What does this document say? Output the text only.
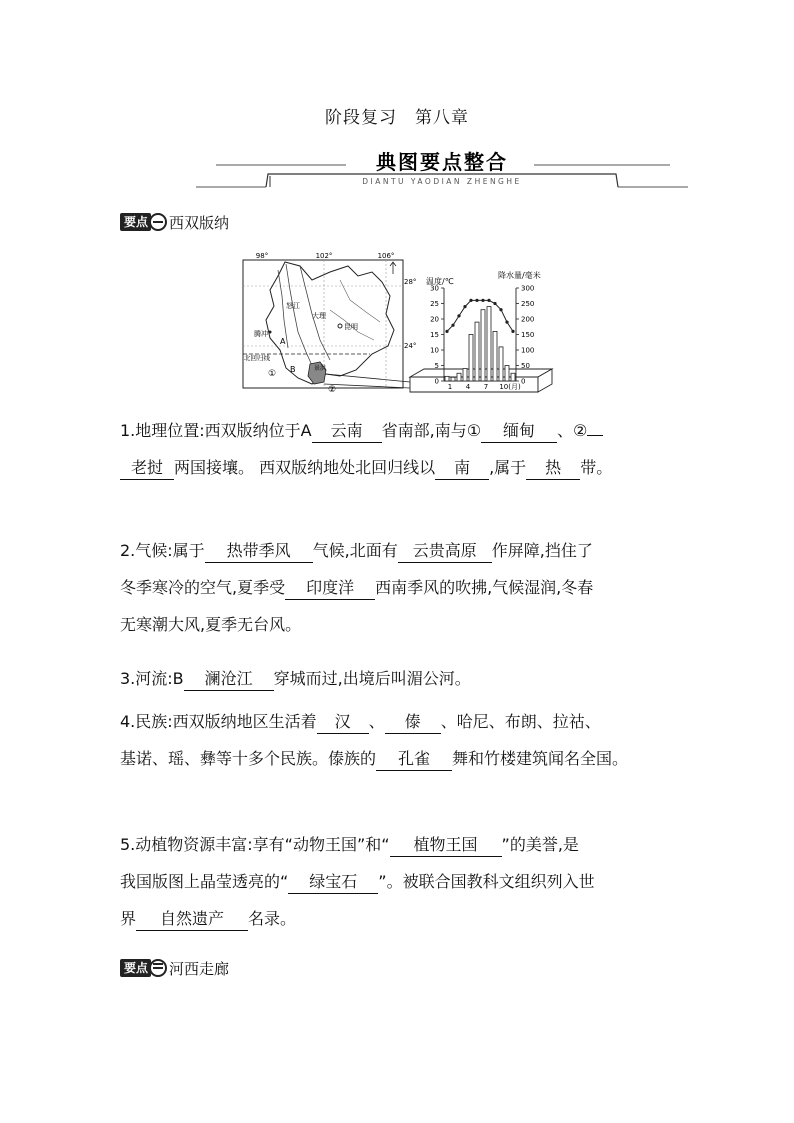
阶段复习　第八章
典图要点整合
DIANTU YAODIAN ZHENGHE
要点 西双版纳
98°	102°	106°
28°
24°
北回归线
怒江
大理
昆明
腾冲
A
B	景洪
①
②
温度/℃
降水量/毫米
30
25
20
15
10
5
0
300
250
200
150
100
50
0
1 4 7 10(月)
1.地理位置:西双版纳位于A 云南 省南部,南与① 缅甸 、②
老挝 两国接壤。 西双版纳地处北回归线以 南 ,属于 热 带。
2.气候:属于 热带季风 气候,北面有 云贵高原 作屏障,挡住了
冬季寒冷的空气,夏季受 印度洋 西南季风的吹拂,气候湿润,冬春
无寒潮大风,夏季无台风。
3.河流:B 澜沧江 穿城而过,出境后叫湄公河。
4.民族:西双版纳地区生活着 汉 、 傣 、哈尼、布朗、拉祜、
基诺、瑶、彝等十多个民族。傣族的 孔雀 舞和竹楼建筑闻名全国。
5.动植物资源丰富:享有“动物王国”和“ 植物王国 ”的美誉,是
我国版图上晶莹透亮的“ 绿宝石 ”。被联合国教科文组织列入世
界 自然遗产 名录。
要点 河西走廊
